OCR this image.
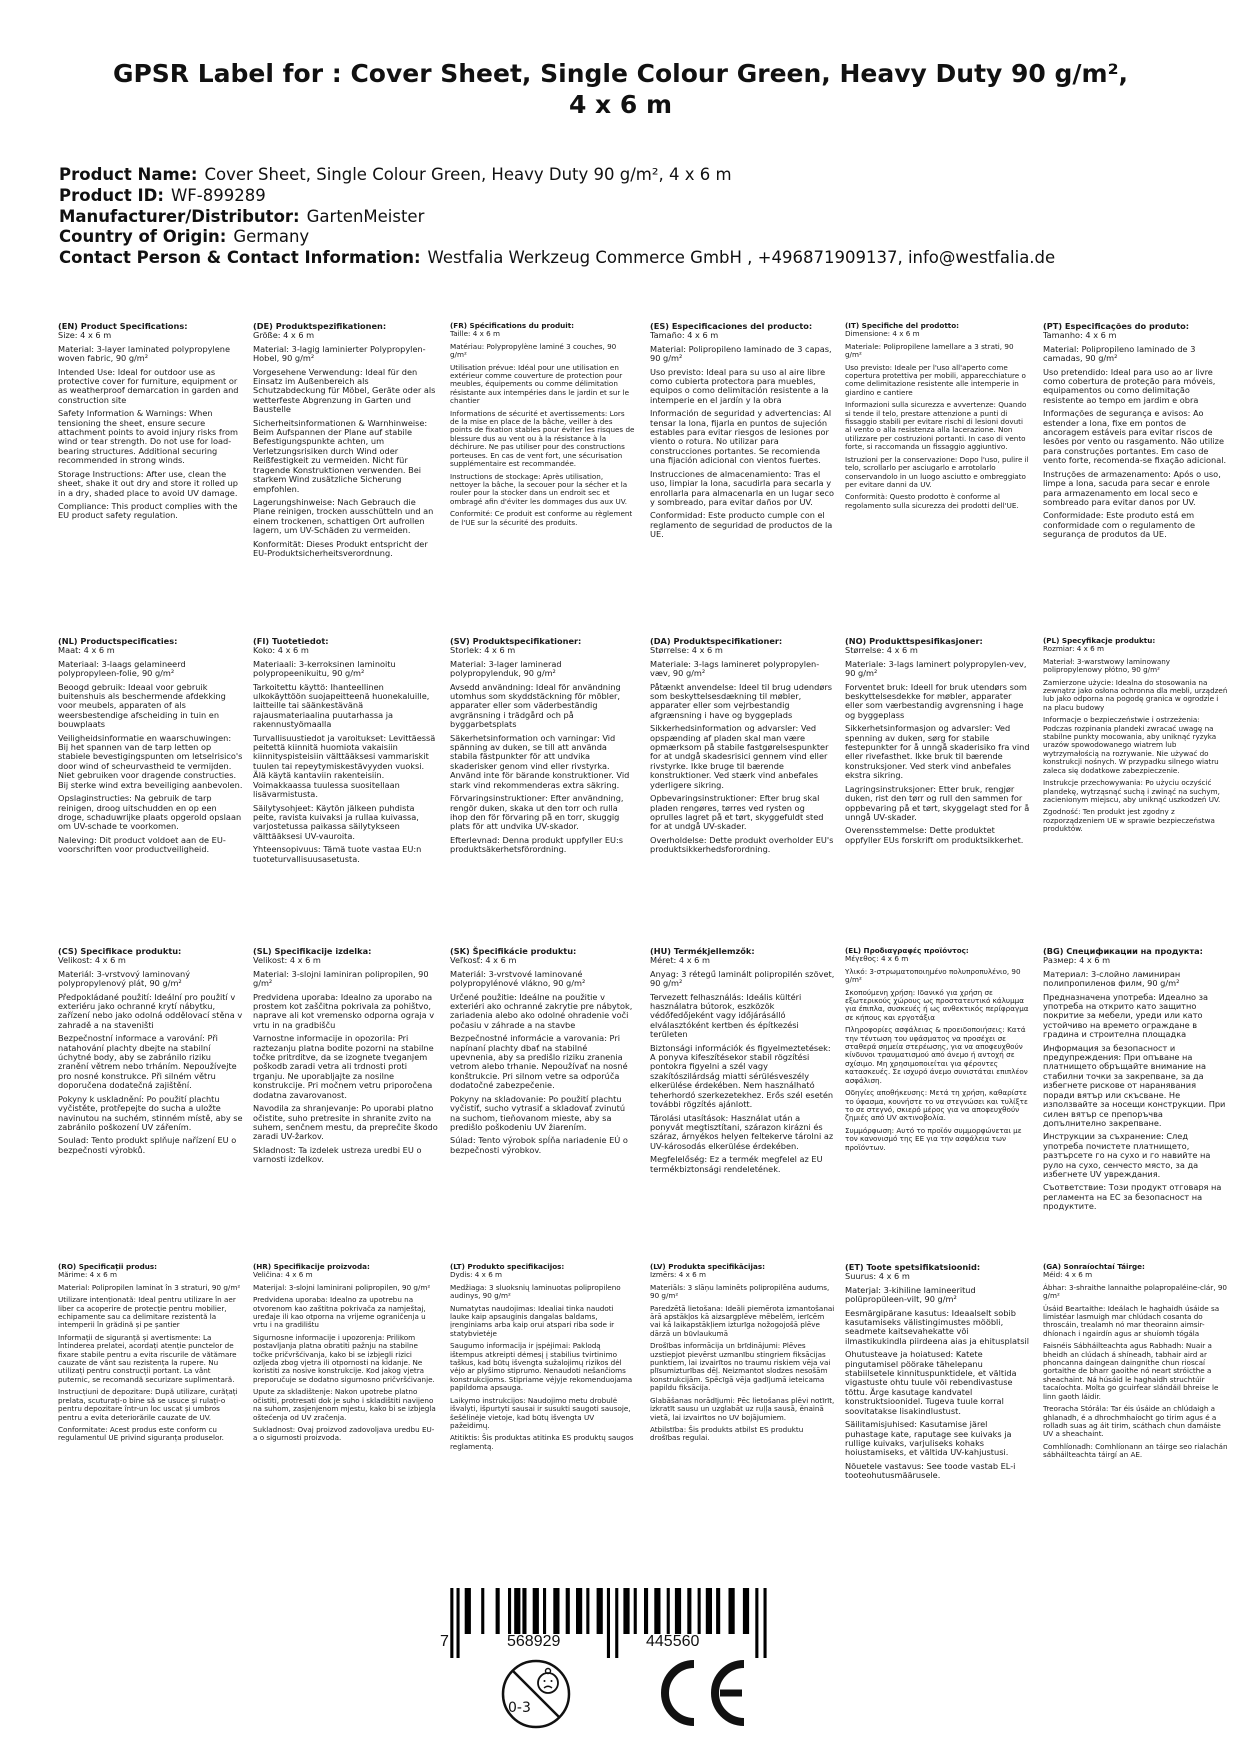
GPSR Label for : Cover Sheet, Single Colour Green, Heavy Duty 90 g/m², 4 x 6 m
Product Name: Cover Sheet, Single Colour Green, Heavy Duty 90 g/m², 4 x 6 m
Product ID: WF-899289
Manufacturer/Distributor: GartenMeister
Country of Origin: Germany
Contact Person & Contact Information: Westfalia Werkzeug Commerce GmbH , +496871909137, info@westfalia.de
(EN) Product Specifications:

Size: 4 x 6 m

Material: 3-layer laminated polypropylene woven fabric, 90 g/m²

Intended Use: Ideal for outdoor use as protective cover for furniture, equipment or as weatherproof demarcation in garden and construction site

Safety Information & Warnings: When tensioning the sheet, ensure secure attachment points to avoid injury risks from wind or tear strength. Do not use for load-bearing structures. Additional securing recommended in strong winds.

Storage Instructions: After use, clean the sheet, shake it out dry and store it rolled up in a dry, shaded place to avoid UV damage.

Compliance: This product complies with the EU product safety regulation.

(DE) Produktspezifikationen:

Größe: 4 x 6 m

Material: 3-lagig laminierter Polypropylen-Hobel, 90 g/m²

Vorgesehene Verwendung: Ideal für den Einsatz im Außenbereich als Schutzabdeckung für Möbel, Geräte oder als wetterfeste Abgrenzung in Garten und Baustelle

Sicherheitsinformationen & Warnhinweise: Beim Aufspannen der Plane auf stabile Befestigungspunkte achten, um Verletzungsrisiken durch Wind oder Reißfestigkeit zu vermeiden. Nicht für tragende Konstruktionen verwenden. Bei starkem Wind zusätzliche Sicherung empfohlen.

Lagerungshinweise: Nach Gebrauch die Plane reinigen, trocken ausschütteln und an einem trockenen, schattigen Ort aufrollen lagern, um UV-Schäden zu vermeiden.

Konformität: Dieses Produkt entspricht der EU-Produktsicherheitsverordnung.

(FR) Spécifications du produit:

Taille: 4 x 6 m

Matériau: Polypropylène laminé 3 couches, 90 g/m²

Utilisation prévue: Idéal pour une utilisation en extérieur comme couverture de protection pour meubles, équipements ou comme délimitation résistante aux intempéries dans le jardin et sur le chantier

Informations de sécurité et avertissements: Lors de la mise en place de la bâche, veiller à des points de fixation stables pour éviter les risques de blessure dus au vent ou à la résistance à la déchirure. Ne pas utiliser pour des constructions porteuses. En cas de vent fort, une sécurisation supplémentaire est recommandée.

Instructions de stockage: Après utilisation, nettoyer la bâche, la secouer pour la sécher et la rouler pour la stocker dans un endroit sec et ombragé afin d'éviter les dommages dus aux UV.

Conformité: Ce produit est conforme au règlement de l'UE sur la sécurité des produits.

(ES) Especificaciones del producto:

Tamaño: 4 x 6 m

Material: Polipropileno laminado de 3 capas, 90 g/m²

Uso previsto: Ideal para su uso al aire libre como cubierta protectora para muebles, equipos o como delimitación resistente a la intemperie en el jardín y la obra

Información de seguridad y advertencias: Al tensar la lona, fijarla en puntos de sujeción estables para evitar riesgos de lesiones por viento o rotura. No utilizar para construcciones portantes. Se recomienda una fijación adicional con vientos fuertes.

Instrucciones de almacenamiento: Tras el uso, limpiar la lona, sacudirla para secarla y enrollarla para almacenarla en un lugar seco y sombreado, para evitar daños por UV.

Conformidad: Este producto cumple con el reglamento de seguridad de productos de la UE.

(IT) Specifiche del prodotto:

Dimensione: 4 x 6 m

Materiale: Polipropilene lamellare a 3 strati, 90 g/m²

Uso previsto: Ideale per l'uso all'aperto come copertura protettiva per mobili, apparecchiature o come delimitazione resistente alle intemperie in giardino e cantiere

Informazioni sulla sicurezza e avvertenze: Quando si tende il telo, prestare attenzione a punti di fissaggio stabili per evitare rischi di lesioni dovuti al vento o alla resistenza alla lacerazione. Non utilizzare per costruzioni portanti. In caso di vento forte, si raccomanda un fissaggio aggiuntivo.

Istruzioni per la conservazione: Dopo l'uso, pulire il telo, scrollarlo per asciugarlo e arrotolarlo conservandolo in un luogo asciutto e ombreggiato per evitare danni da UV.

Conformità: Questo prodotto è conforme al regolamento sulla sicurezza dei prodotti dell'UE.

(PT) Especificações do produto:

Tamanho: 4 x 6 m

Material: Polipropileno laminado de 3 camadas, 90 g/m²

Uso pretendido: Ideal para uso ao ar livre como cobertura de proteção para móveis, equipamentos ou como delimitação resistente ao tempo em jardim e obra

Informações de segurança e avisos: Ao estender a lona, fixe em pontos de ancoragem estáveis para evitar riscos de lesões por vento ou rasgamento. Não utilize para construções portantes. Em caso de vento forte, recomenda-se fixação adicional.

Instruções de armazenamento: Após o uso, limpe a lona, sacuda para secar e enrole para armazenamento em local seco e sombreado para evitar danos por UV.

Conformidade: Este produto está em conformidade com o regulamento de segurança de produtos da UE.

(NL) Productspecificaties:

Maat: 4 x 6 m

Materiaal: 3-laags gelamineerd polypropyleen-folie, 90 g/m²

Beoogd gebruik: Ideaal voor gebruik buitenshuis als beschermende afdekking voor meubels, apparaten of als weersbestendige afscheiding in tuin en bouwplaats

Veiligheidsinformatie en waarschuwingen: Bij het spannen van de tarp letten op stabiele bevestigingspunten om letselrisico's door wind of scheurvastheid te vermijden. Niet gebruiken voor dragende constructies. Bij sterke wind extra beveiliging aanbevolen.

Opslaginstructies: Na gebruik de tarp reinigen, droog uitschudden en op een droge, schaduwrijke plaats opgerold opslaan om UV-schade te voorkomen.

Naleving: Dit product voldoet aan de EU-voorschriften voor productveiligheid.

(FI) Tuotetiedot:

Koko: 4 x 6 m

Materiaali: 3-kerroksinen laminoitu polypropeenikuitu, 90 g/m²

Tarkoitettu käyttö: Ihanteellinen ulkokäyttöön suojapeitteenä huonekaluille, laitteille tai säänkestävänä rajausmateriaalina puutarhassa ja rakennustyömaalla

Turvallisuustiedot ja varoitukset: Levittäessä peitettä kiinnitä huomiota vakaisiin kiinnityspisteisiin välttääksesi vammariskit tuulen tai repeytymiskestävyyden vuoksi. Älä käytä kantaviin rakenteisiin. Voimakkaassa tuulessa suositellaan lisävarmistusta.

Säilytysohjeet: Käytön jälkeen puhdista peite, ravista kuivaksi ja rullaa kuivassa, varjostetussa paikassa säilytykseen välttääksesi UV-vauroita.

Yhteensopivuus: Tämä tuote vastaa EU:n tuoteturvallisuusasetusta.

(SV) Produktspecifikationer:

Storlek: 4 x 6 m

Material: 3-lager laminerad polypropylenduk, 90 g/m²

Avsedd användning: Ideal för användning utomhus som skyddstäckning för möbler, apparater eller som väderbeständig avgränsning i trädgård och på byggarbetsplats

Säkerhetsinformation och varningar: Vid spänning av duken, se till att använda stabila fästpunkter för att undvika skaderisker genom vind eller rivstyrka. Använd inte för bärande konstruktioner. Vid stark vind rekommenderas extra säkring.

Förvaringsinstruktioner: Efter användning, rengör duken, skaka ut den torr och rulla ihop den för förvaring på en torr, skuggig plats för att undvika UV-skador.

Efterlevnad: Denna produkt uppfyller EU:s produktsäkerhetsförordning.

(DA) Produktspecifikationer:

Størrelse: 4 x 6 m

Materiale: 3-lags lamineret polypropylen-væv, 90 g/m²

Påtænkt anvendelse: Ideel til brug udendørs som beskyttelsesdækning til møbler, apparater eller som vejrbestandig afgrænsning i have og byggeplads

Sikkerhedsinformation og advarsler: Ved opspænding af pladen skal man være opmærksom på stabile fastgørelsespunkter for at undgå skadesrisici gennem vind eller rivstyrke. Ikke bruge til bærende konstruktioner. Ved stærk vind anbefales yderligere sikring.

Opbevaringsinstruktioner: Efter brug skal pladen rengøres, tørres ved rysten og oprulles lagret på et tørt, skyggefuldt sted for at undgå UV-skader.

Overholdelse: Dette produkt overholder EU's produktsikkerhedsforordning.

(NO) Produkttspesifikasjoner:

Størrelse: 4 x 6 m

Materiale: 3-lags laminert polypropylen-vev, 90 g/m²

Forventet bruk: Ideell for bruk utendørs som beskyttelsesdekke for møbler, apparater eller som værbestandig avgrensning i hage og byggeplass

Sikkerhetsinformasjon og advarsler: Ved spenning av duken, sørg for stabile festepunkter for å unngå skaderisiko fra vind eller rivefasthet. Ikke bruk til bærende konstruksjoner. Ved sterk vind anbefales ekstra sikring.

Lagringsinstruksjoner: Etter bruk, rengjør duken, rist den tørr og rull den sammen for oppbevaring på et tørt, skyggelagt sted for å unngå UV-skader.

Overensstemmelse: Dette produktet oppfyller EUs forskrift om produktsikkerhet.

(PL) Specyfikacje produktu:

Rozmiar: 4 x 6 m

Materiał: 3-warstwowy laminowany polipropylenowy płótno, 90 g/m²

Zamierzone użycie: Idealna do stosowania na zewnątrz jako osłona ochronna dla mebli, urządzeń lub jako odporna na pogodę granica w ogrodzie i na placu budowy

Informacje o bezpieczeństwie i ostrzeżenia: Podczas rozpinania plandeki zwracać uwagę na stabilne punkty mocowania, aby uniknąć ryzyka urazów spowodowanego wiatrem lub wytrzymałością na rozrywanie. Nie używać do konstrukcji nośnych. W przypadku silnego wiatru zaleca się dodatkowe zabezpieczenie.

Instrukcje przechowywania: Po użyciu oczyścić plandekę, wytrząsnąć suchą i zwinąć na suchym, zacienionym miejscu, aby uniknąć uszkodzeń UV.

Zgodność: Ten produkt jest zgodny z rozporządzeniem UE w sprawie bezpieczeństwa produktów.

(CS) Specifikace produktu:

Velikost: 4 x 6 m

Materiál: 3-vrstvový laminovaný polypropylenový plát, 90 g/m²

Předpokládané použití: Ideální pro použití v exteriéru jako ochranné krytí nábytku, zařízení nebo jako odolná oddělovací stěna v zahradě a na staveništi

Bezpečnostní informace a varování: Při natahování plachty dbejte na stabilní úchytné body, aby se zabránilo riziku zranění větrem nebo trháním. Nepoužívejte pro nosné konstrukce. Při silném větru doporučena dodatečná zajištění.

Pokyny k uskladnění: Po použití plachtu vyčistěte, protřepejte do sucha a uložte navinutou na suchém, stinném místě, aby se zabránilo poškození UV zářením.

Soulad: Tento produkt splňuje nařízení EU o bezpečnosti výrobků.

(SL) Specifikacije izdelka:

Velikost: 4 x 6 m

Material: 3-slojni laminiran polipropilen, 90 g/m²

Predvidena uporaba: Idealno za uporabo na prostem kot zaščitna pokrivala za pohištvo, naprave ali kot vremensko odporna ograja v vrtu in na gradbišču

Varnostne informacije in opozorila: Pri raztezanju platna bodite pozorni na stabilne točke pritrditve, da se izognete tveganjem poškodb zaradi vetra ali trdnosti proti trganju. Ne uporabljajte za nosilne konstrukcije. Pri močnem vetru priporočena dodatna zavarovanost.

Navodila za shranjevanje: Po uporabi platno očistite, suho pretresite in shranite zvito na suhem, senčnem mestu, da preprečite škodo zaradi UV-žarkov.

Skladnost: Ta izdelek ustreza uredbi EU o varnosti izdelkov.

(SK) Špecifikácie produktu:

Veľkosť: 4 x 6 m

Materiál: 3-vrstvové laminované polypropylénové vlákno, 90 g/m²

Určené použitie: Ideálne na použitie v exteriéri ako ochranné zakrytie pre nábytok, zariadenia alebo ako odolné ohradenie voči počasiu v záhrade a na stavbe

Bezpečnostné informácie a varovania: Pri napínaní plachty dbať na stabilné upevnenia, aby sa predišlo riziku zranenia vetrom alebo trhanie. Nepoužívať na nosné konštrukcie. Pri silnom vetre sa odporúča dodatočné zabezpečenie.

Pokyny na skladovanie: Po použití plachtu vyčistiť, sucho vytrasiť a skladovať zvinutú na suchom, tieňovanom mieste, aby sa predišlo poškodeniu UV žiarením.

Súlad: Tento výrobok spĺňa nariadenie EÚ o bezpečnosti výrobkov.

(HU) Termékjellemzők:

Méret: 4 x 6 m

Anyag: 3 rétegű laminált polipropilén szövet, 90 g/m²

Tervezett felhasználás: Ideális kültéri használatra bútorok, eszközök védőfedőjeként vagy időjárásálló elválasztóként kertben és építkezési területen

Biztonsági információk és figyelmeztetések: A ponyva kifeszítésekor stabil rögzítési pontokra figyelni a szél vagy szakítószilárdság miatti sérülésveszély elkerülése érdekében. Nem használható teherhordó szerkezetekhez. Erős szél esetén további rögzítés ajánlott.

Tárolási utasítások: Használat után a ponyvát megtisztítani, szárazon kirázni és száraz, árnyékos helyen feltekerve tárolni az UV-károsodás elkerülése érdekében.

Megfelelőség: Ez a termék megfelel az EU termékbiztonsági rendeletének.

(EL) Προδιαγραφές προϊόντος:

Μέγεθος: 4 x 6 m

Υλικό: 3-στρωματοποιημένο πολυπροπυλένιο, 90 g/m²

Σκοπούμενη χρήση: Ιδανικό για χρήση σε εξωτερικούς χώρους ως προστατευτικό κάλυμμα για έπιπλα, συσκευές ή ως ανθεκτικός περίφραγμα σε κήπους και εργοτάξια

Πληροφορίες ασφάλειας & προειδοποιήσεις: Κατά την τέντωση του υφάσματος να προσέχει σε σταθερά σημεία στερέωσης, για να αποφευχθούν κίνδυνοι τραυματισμού από άνεμο ή αντοχή σε σχίσιμο. Μη χρησιμοποιείται για φέροντες κατασκευές. Σε ισχυρό άνεμο συνιστάται επιπλέον ασφάλιση.

Οδηγίες αποθήκευσης: Μετά τη χρήση, καθαρίστε το ύφασμα, κουνήστε το να στεγνώσει και τυλίξτε το σε στεγνό, σκιερό μέρος για να αποφευχθούν ζημιές από UV ακτινοβολία.

Συμμόρφωση: Αυτό το προϊόν συμμορφώνεται με τον κανονισμό της ΕΕ για την ασφάλεια των προϊόντων.

(BG) Спецификации на продукта:

Размер: 4 x 6 m

Материал: 3-слойно ламиниран полипропиленов филм, 90 g/m²

Предназначена употреба: Идеално за употреба на открито като защитно покритие за мебели, уреди или като устойчиво на времето ограждане в градина и строителна площадка

Информация за безопасност и предупреждения: При опъване на платнището обръщайте внимание на стабилни точки за закрепване, за да избегнете рискове от наранявания поради вятър или скъсване. Не използвайте за носещи конструкции. При силен вятър се препоръчва допълнително закрепване.

Инструкции за съхранение: След употреба почистете платнището, разтърсете го на сухо и го навийте на руло на сухо, сенчесто място, за да избегнете UV увреждания.

Съответствие: Този продукт отговаря на регламента на ЕС за безопасност на продуктите.

(RO) Specificații produs:

Mărime: 4 x 6 m

Material: Polipropilen laminat în 3 straturi, 90 g/m²

Utilizare intenționată: Ideal pentru utilizare în aer liber ca acoperire de protecție pentru mobilier, echipamente sau ca delimitare rezistentă la intemperii în grădină și pe șantier

Informații de siguranță și avertismente: La întinderea prelatei, acordați atenție punctelor de fixare stabile pentru a evita riscurile de vătămare cauzate de vânt sau rezistența la rupere. Nu utilizați pentru construcții portant. La vânt puternic, se recomandă securizare suplimentară.

Instrucțiuni de depozitare: După utilizare, curățați prelata, scuturați-o bine să se usuce și rulați-o pentru depozitare într-un loc uscat și umbros pentru a evita deteriorările cauzate de UV.

Conformitate: Acest produs este conform cu regulamentul UE privind siguranța produselor.

(HR) Specifikacije proizvoda:

Veličina: 4 x 6 m

Materijal: 3-slojni laminirani polipropilen, 90 g/m²

Predvidena uporaba: Idealno za upotrebu na otvorenom kao zaštitna pokrivača za namještaj, uređaje ili kao otporna na vrijeme ograničenja u vrtu i na gradilištu

Sigurnosne informacije i upozorenja: Prilikom postavljanja platna obratiti pažnju na stabilne točke pričvršćivanja, kako bi se izbjegli rizici ozljeda zbog vjetra ili otpornosti na kidanje. Ne koristiti za nosive konstrukcije. Kod jakog vjetra preporučuje se dodatno sigurnosno pričvršćivanje.

Upute za skladištenje: Nakon upotrebe platno očistiti, protresati dok je suho i skladištiti navijeno na suhom, zasjenjenom mjestu, kako bi se izbjegla oštećenja od UV zračenja.

Sukladnost: Ovaj proizvod zadovoljava uredbu EU-a o sigurnosti proizvoda.

(LT) Produkto specifikacijos:

Dydis: 4 x 6 m

Medžiaga: 3 sluoksnių laminuotas polipropileno audinys, 90 g/m²

Numatytas naudojimas: Idealiai tinka naudoti lauke kaip apsauginis dangalas baldams, įrenginiams arba kaip orui atspari riba sode ir statybvietėje

Saugumo informacija ir įspėjimai: Paklodą ištempus atkreipti dėmesį į stabilius tvirtinimo taškus, kad būtų išvengta sužalojimų rizikos dėl vėjo ar plyšimo stiprumo. Nenaudoti nešančioms konstrukcijoms. Stipriame vėjyje rekomenduojama papildoma apsauga.

Laikymo instrukcijos: Naudojimo metu drobulė išvalyti, išpurtyti sausai ir susukti saugoti sausoje, šešėlinėje vietoje, kad būtų išvengta UV pažeidimų.

Atitiktis: Šis produktas atitinka ES produktų saugos reglamentą.

(LV) Produkta specifikācijas:

Izmērs: 4 x 6 m

Materiāls: 3 slāņu laminēts polipropilēna audums, 90 g/m²

Paredzētā lietošana: Ideāli piemērota izmantošanai ārā apstākļos kā aizsargplēve mēbelēm, ierīcēm vai kā laikapstākļiem izturīga nožogojošā plēve dārzā un būvlaukumā

Drošības informācija un brīdinājumi: Plēves uzstiepjot pievērst uzmanību stingriem fiksācijas punktiem, lai izvairītos no traumu riskiem vēja vai plīsumizturības dēļ. Neizmantot slodzes nesošām konstrukcijām. Spēcīgā vēja gadījumā ieteicama papildu fiksācija.

Glabāšanas norādījumi: Pēc lietošanas plēvi notīrīt, izkratīt sausu un uzglabāt uz ruļļa sausā, ēnainā vietā, lai izvairītos no UV bojājumiem.

Atbilstība: Šis produkts atbilst ES produktu drošības regulai.

(ET) Toote spetsifikatsioonid:

Suurus: 4 x 6 m

Materjal: 3-kihiline lamineeritud polüpropüleen-vilt, 90 g/m²

Eesmärgipärane kasutus: Ideaalselt sobib kasutamiseks välistingimustes mööbli, seadmete kaitsevahekatte või ilmastikukindla piirdeena aias ja ehitusplatsil

Ohutusteave ja hoiatused: Katete pingutamisel pöörake tähelepanu stabiilsetele kinnituspunktidele, et vältida vigastuste ohtu tuule või rebendivastuse tõttu. Ärge kasutage kandvatel konstruktsioonidel. Tugeva tuule korral soovitatakse lisakindlustust.

Säilitamisjuhised: Kasutamise järel puhastage kate, raputage see kuivaks ja rullige kuivaks, varjuliseks kohaks hoiustamiseks, et vältida UV-kahjustusi.

Nõuetele vastavus: See toode vastab EL-i tooteohutusmäärusele.

(GA) Sonraíochtaí Táirge:

Méid: 4 x 6 m

Ábhar: 3-shraithe lannaithe polapropaléine-clár, 90 g/m²

Úsáid Beartaithe: Ideálach le haghaidh úsáide sa limistéar lasmuigh mar chlúdach cosanta do throscáin, trealamh nó mar theorainn aimsir-dhíonach i ngairdín agus ar shuíomh tógála

Faisnéis Sábháilteachta agus Rabhadh: Nuair a bheidh an clúdach á shíneadh, tabhair aird ar phoncanna daingean daingnithe chun rioscaí gortaithe de bharr gaoithe nó neart stróicthe a sheachaint. Ná húsáid le haghaidh struchtúir tacaíochta. Molta go gcuirfear slándáil bhreise le linn gaoth láidir.

Treoracha Stórála: Tar éis úsáide an chlúdaigh a ghlanadh, é a dhrochmhaíocht go tirim agus é a rolladh suas ag áit tirim, scáthach chun damáiste UV a sheachaint.

Comhlíonadh: Comhlíonann an táirge seo rialachán sábháilteachta táirgí an AE.

7	568929	445560
0-3
